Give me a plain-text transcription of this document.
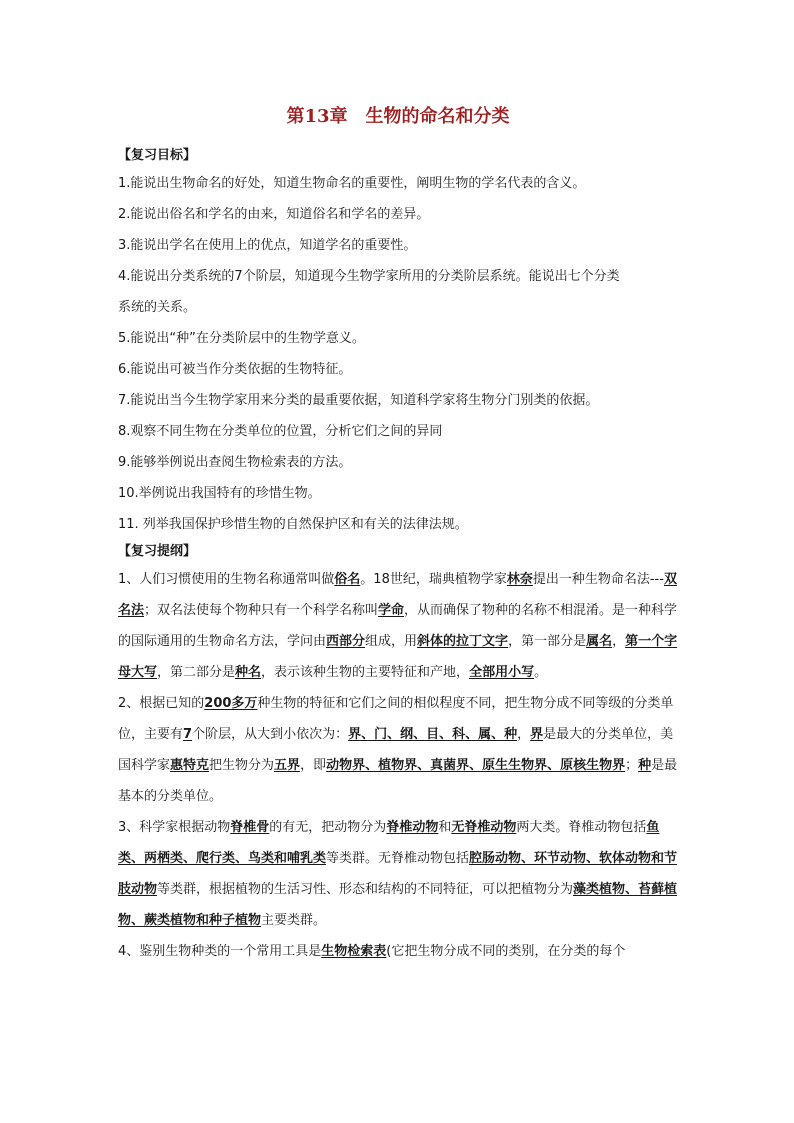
第13章　生物的命名和分类
【复习目标】
1.能说出生物命名的好处，知道生物命名的重要性，阐明生物的学名代表的含义。
2.能说出俗名和学名的由来，知道俗名和学名的差异。
3.能说出学名在使用上的优点，知道学名的重要性。
4.能说出分类系统的7个阶层，知道现今生物学家所用的分类阶层系统。能说出七个分类
系统的关系。
5.能说出“种”在分类阶层中的生物学意义。
6.能说出可被当作分类依据的生物特征。
7.能说出当今生物学家用来分类的最重要依据，知道科学家将生物分门别类的依据。
8.观察不同生物在分类单位的位置，分析它们之间的异同
9.能够举例说出查阅生物检索表的方法。
10.举例说出我国特有的珍惜生物。
11. 列举我国保护珍惜生物的自然保护区和有关的法律法规。
【复习提纲】

1、人们习惯使用的生物名称通常叫做俗名。18世纪，瑞典植物学家林奈提出一种生物命名法---双名法；双名法使每个物种只有一个科学名称叫学命，从而确保了物种的名称不相混淆。是一种科学的国际通用的生物命名方法，学问由西部分组成，用斜体的拉丁文字，第一部分是属名，第一个字母大写，第二部分是种名，表示该种生物的主要特征和产地，全部用小写。

2、根据已知的200多万种生物的特征和它们之间的相似程度不同，把生物分成不同等级的分类单位，主要有7个阶层，从大到小依次为：界、门、纲、目、科、属、种，界是最大的分类单位，美国科学家惠特克把生物分为五界，即动物界、植物界、真菌界、原生生物界、原核生物界；种是最基本的分类单位。

3、科学家根据动物脊椎骨的有无，把动物分为脊椎动物和无脊椎动物两大类。脊椎动物包括鱼类、两栖类、爬行类、鸟类和哺乳类等类群。无脊椎动物包括腔肠动物、环节动物、软体动物和节肢动物等类群，根据植物的生活习性、形态和结构的不同特征，可以把植物分为藻类植物、苔藓植物、蕨类植物和种子植物主要类群。

4、鉴别生物种类的一个常用工具是生物检索表(它把生物分成不同的类别，在分类的每个
